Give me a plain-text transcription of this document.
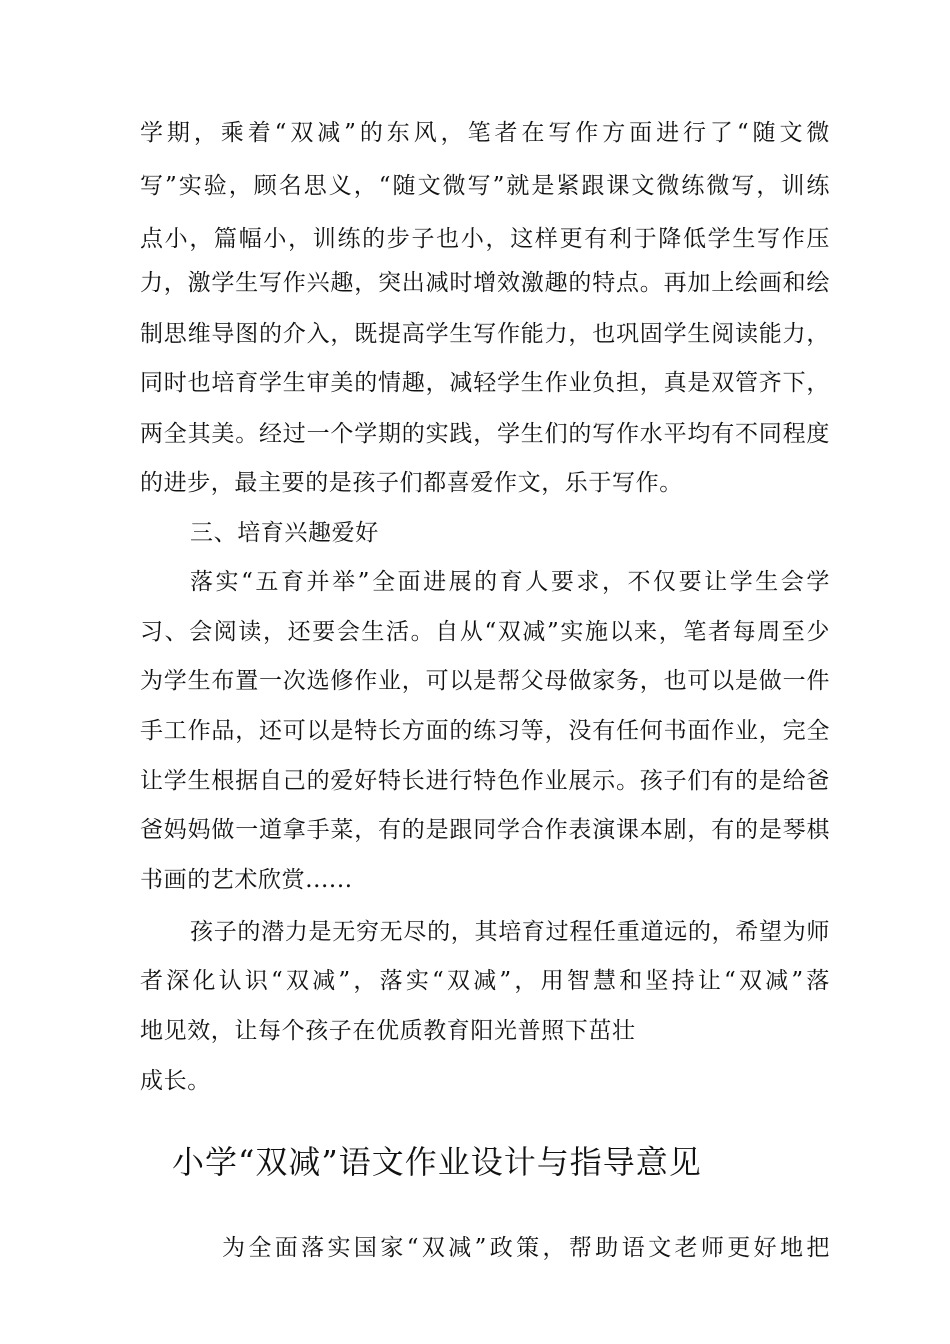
学期，乘着“双减”的东风，笔者在写作方面进行了“随文微
写”实验，顾名思义，“随文微写”就是紧跟课文微练微写，训练
点小，篇幅小，训练的步子也小，这样更有利于降低学生写作压
力，激学生写作兴趣，突出减时增效激趣的特点。再加上绘画和绘
制思维导图的介入，既提高学生写作能力，也巩固学生阅读能力，
同时也培育学生审美的情趣，减轻学生作业负担，真是双管齐下，
两全其美。经过一个学期的实践，学生们的写作水平均有不同程度
的进步，最主要的是孩子们都喜爱作文，乐于写作。
三、培育兴趣爱好
落实“五育并举”全面进展的育人要求，不仅要让学生会学
习、会阅读，还要会生活。自从“双减”实施以来，笔者每周至少
为学生布置一次选修作业，可以是帮父母做家务，也可以是做一件
手工作品，还可以是特长方面的练习等，没有任何书面作业，完全
让学生根据自己的爱好特长进行特色作业展示。孩子们有的是给爸
爸妈妈做一道拿手菜，有的是跟同学合作表演课本剧，有的是琴棋
书画的艺术欣赏......
孩子的潜力是无穷无尽的，其培育过程任重道远的，希望为师
者深化认识“双减”，落实“双减”，用智慧和坚持让“双减”落
地见效，让每个孩子在优质教育阳光普照下茁壮
成长。
小学“双减”语文作业设计与指导意见
为全面落实国家“双减”政策，帮助语文老师更好地把
